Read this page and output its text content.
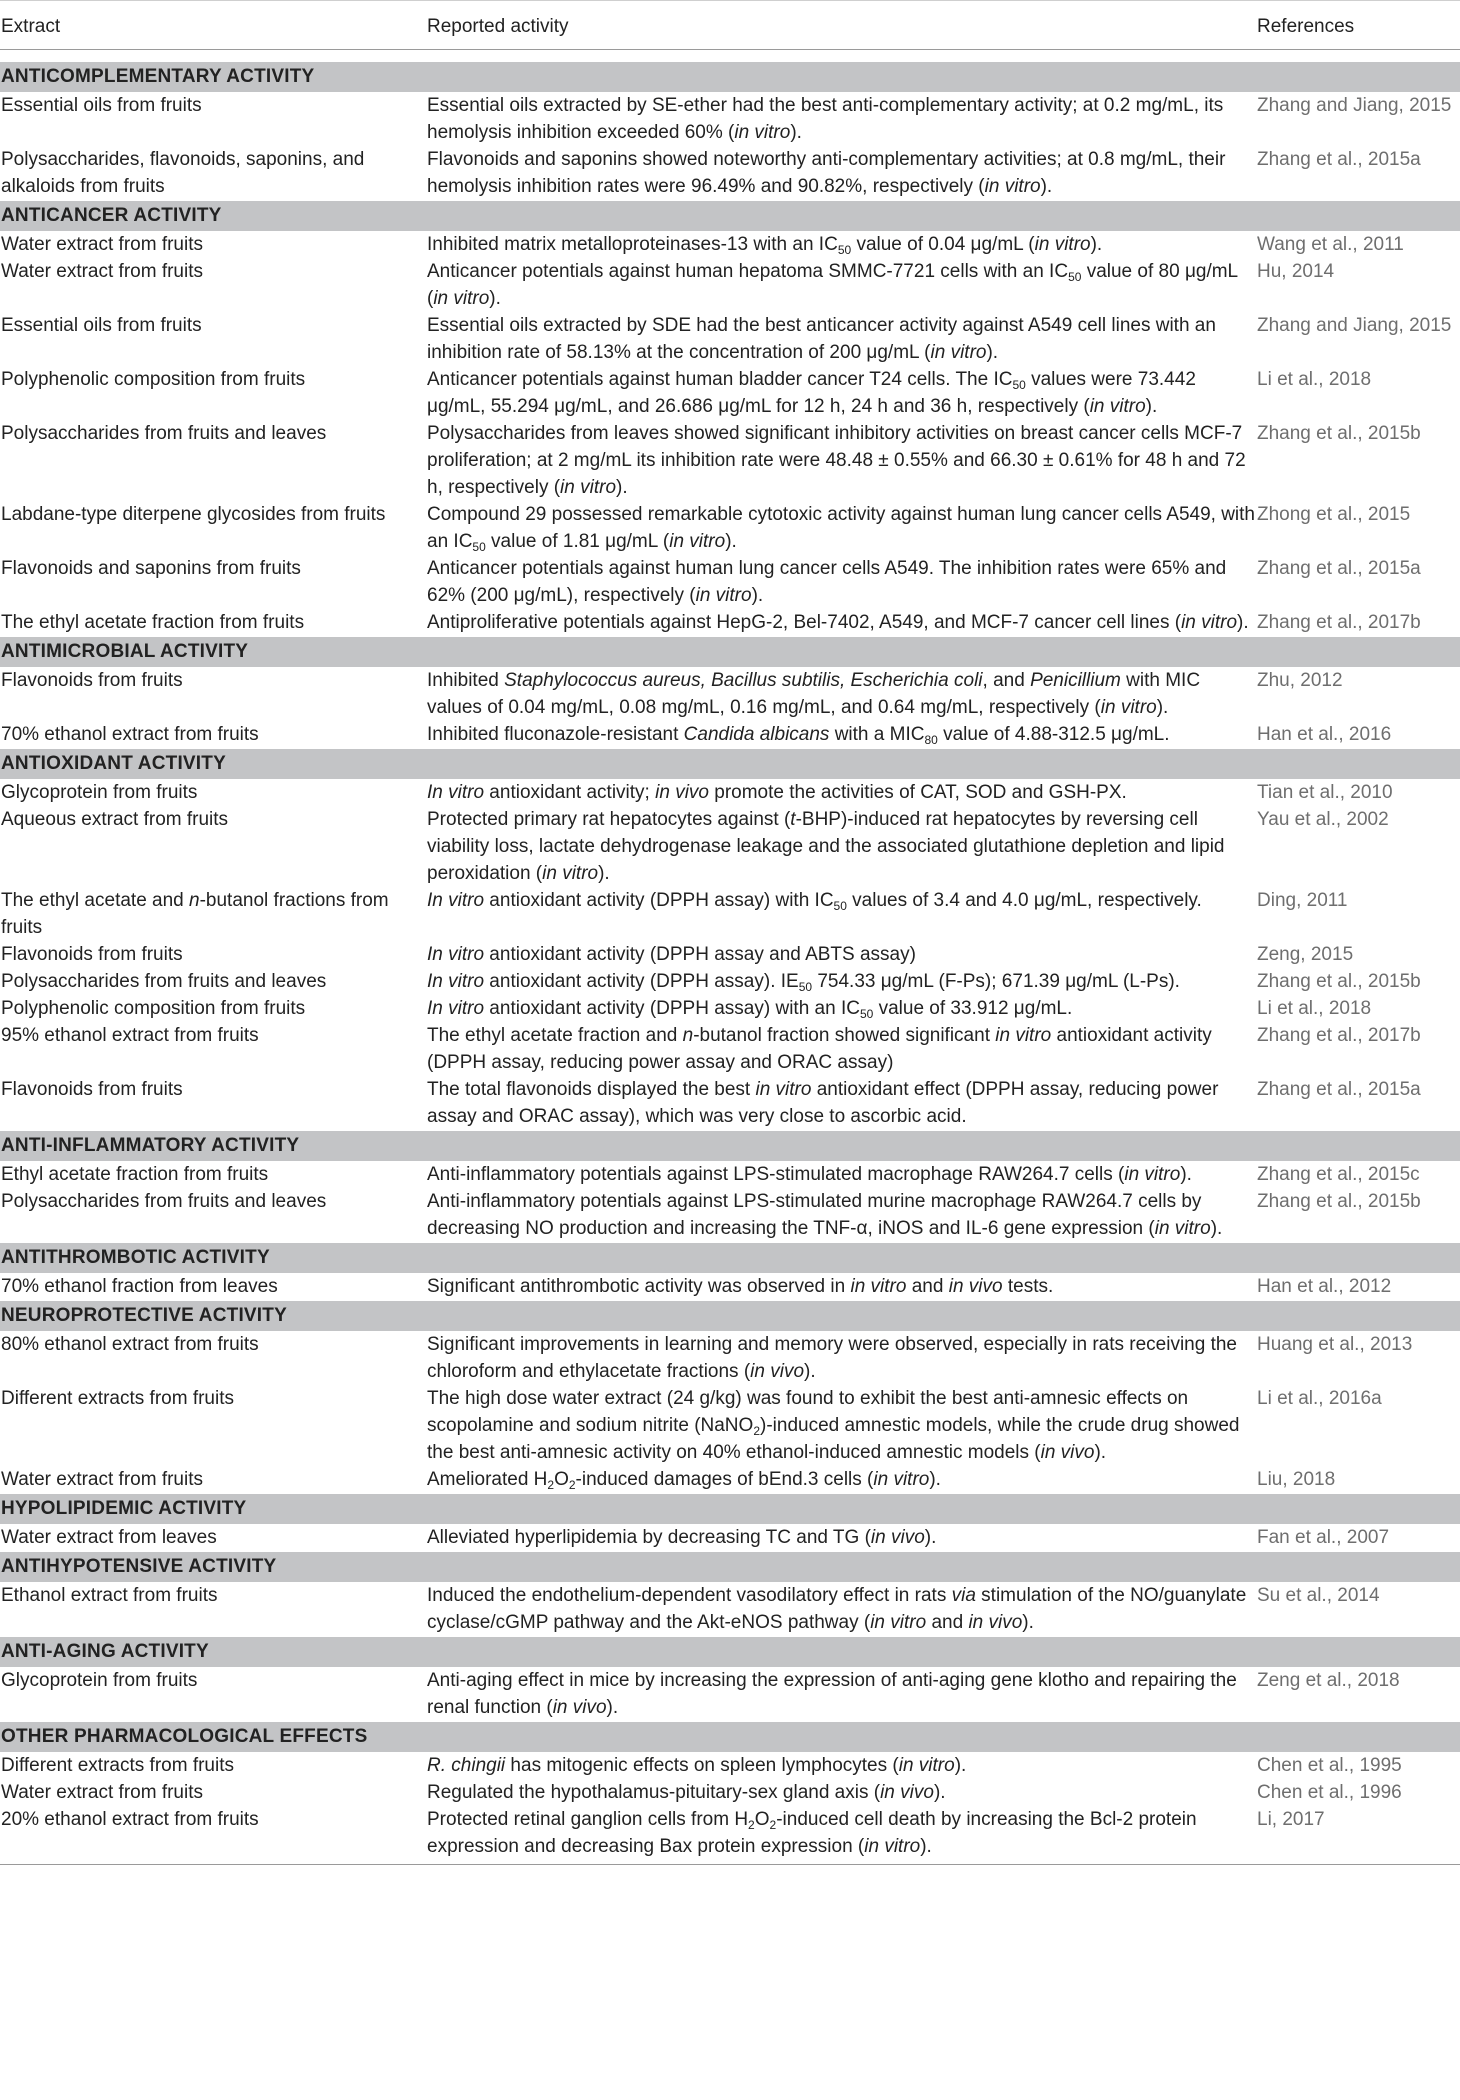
Extract	Reported activity	References

ANTICOMPLEMENTARY ACTIVITY		
Essential oils from fruits	Essential oils extracted by SE-ether had the best anti-complementary activity; at 0.2 mg/mL, its hemolysis inhibition exceeded 60% (in vitro).	Zhang and Jiang, 2015
Polysaccharides, flavonoids, saponins, and alkaloids from fruits	Flavonoids and saponins showed noteworthy anti-complementary activities; at 0.8 mg/mL, their hemolysis inhibition rates were 96.49% and 90.82%, respectively (in vitro).	Zhang et al., 2015a
ANTICANCER ACTIVITY		
Water extract from fruits	Inhibited matrix metalloproteinases-13 with an $IC_{50}$ value of 0.04 μg/mL (in vitro).	Wang et al., 2011
Water extract from fruits	Anticancer potentials against human hepatoma SMMC-7721 cells with an $IC_{50}$ value of 80 μg/mL (in vitro).	Hu, 2014
Essential oils from fruits	Essential oils extracted by SDE had the best anticancer activity against A549 cell lines with an inhibition rate of 58.13% at the concentration of 200 μg/mL (in vitro).	Zhang and Jiang, 2015
Polyphenolic composition from fruits	Anticancer potentials against human bladder cancer T24 cells. The $IC_{50}$ values were 73.442 μg/mL, 55.294 μg/mL, and 26.686 μg/mL for 12 h, 24 h and 36 h, respectively (in vitro).	Li et al., 2018
Polysaccharides from fruits and leaves	Polysaccharides from leaves showed significant inhibitory activities on breast cancer cells MCF-7 proliferation; at 2 mg/mL its inhibition rate were 48.48 ± 0.55% and 66.30 ± 0.61% for 48 h and 72 h, respectively (in vitro).	Zhang et al., 2015b
Labdane-type diterpene glycosides from fruits	Compound 29 possessed remarkable cytotoxic activity against human lung cancer cells A549, with an $IC_{50}$ value of 1.81 μg/mL (in vitro).	Zhong et al., 2015
Flavonoids and saponins from fruits	Anticancer potentials against human lung cancer cells A549. The inhibition rates were 65% and 62% (200 μg/mL), respectively (in vitro).	Zhang et al., 2015a
The ethyl acetate fraction from fruits	Antiproliferative potentials against HepG-2, Bel-7402, A549, and MCF-7 cancer cell lines (in vitro).	Zhang et al., 2017b
ANTIMICROBIAL ACTIVITY		
Flavonoids from fruits	Inhibited Staphylococcus aureus, Bacillus subtilis, Escherichia coli, and Penicillium with MIC values of 0.04 mg/mL, 0.08 mg/mL, 0.16 mg/mL, and 0.64 mg/mL, respectively (in vitro).	Zhu, 2012
70% ethanol extract from fruits	Inhibited fluconazole-resistant Candida albicans with a $MIC_{80}$ value of 4.88-312.5 μg/mL.	Han et al., 2016
ANTIOXIDANT ACTIVITY		
Glycoprotein from fruits	In vitro antioxidant activity; in vivo promote the activities of CAT, SOD and GSH-PX.	Tian et al., 2010
Aqueous extract from fruits	Protected primary rat hepatocytes against (t-BHP)-induced rat hepatocytes by reversing cell viability loss, lactate dehydrogenase leakage and the associated glutathione depletion and lipid peroxidation (in vitro).	Yau et al., 2002
The ethyl acetate and n-butanol fractions from fruits	In vitro antioxidant activity (DPPH assay) with $IC_{50}$ values of 3.4 and 4.0 μg/mL, respectively.	Ding, 2011
Flavonoids from fruits	In vitro antioxidant activity (DPPH assay and ABTS assay)	Zeng, 2015
Polysaccharides from fruits and leaves	In vitro antioxidant activity (DPPH assay). $IE_{50}$ 754.33 μg/mL (F-Ps); 671.39 μg/mL (L-Ps).	Zhang et al., 2015b
Polyphenolic composition from fruits	In vitro antioxidant activity (DPPH assay) with an $IC_{50}$ value of 33.912 μg/mL.	Li et al., 2018
95% ethanol extract from fruits	The ethyl acetate fraction and n-butanol fraction showed significant in vitro antioxidant activity (DPPH assay, reducing power assay and ORAC assay)	Zhang et al., 2017b
Flavonoids from fruits	The total flavonoids displayed the best in vitro antioxidant effect (DPPH assay, reducing power assay and ORAC assay), which was very close to ascorbic acid.	Zhang et al., 2015a
ANTI-INFLAMMATORY ACTIVITY		
Ethyl acetate fraction from fruits	Anti-inflammatory potentials against LPS-stimulated macrophage RAW264.7 cells (in vitro).	Zhang et al., 2015c
Polysaccharides from fruits and leaves	Anti-inflammatory potentials against LPS-stimulated murine macrophage RAW264.7 cells by decreasing NO production and increasing the TNF-α, iNOS and IL-6 gene expression (in vitro).	Zhang et al., 2015b
ANTITHROMBOTIC ACTIVITY		
70% ethanol fraction from leaves	Significant antithrombotic activity was observed in in vitro and in vivo tests.	Han et al., 2012
NEUROPROTECTIVE ACTIVITY		
80% ethanol extract from fruits	Significant improvements in learning and memory were observed, especially in rats receiving the chloroform and ethylacetate fractions (in vivo).	Huang et al., 2013
Different extracts from fruits	The high dose water extract (24 g/kg) was found to exhibit the best anti-amnesic effects on scopolamine and sodium nitrite (NaNO$_2$)-induced amnestic models, while the crude drug showed the best anti-amnesic activity on 40% ethanol-induced amnestic models (in vivo).	Li et al., 2016a
Water extract from fruits	Ameliorated $H_2O_2$-induced damages of bEnd.3 cells (in vitro).	Liu, 2018
HYPOLIPIDEMIC ACTIVITY		
Water extract from leaves	Alleviated hyperlipidemia by decreasing TC and TG (in vivo).	Fan et al., 2007
ANTIHYPOTENSIVE ACTIVITY		
Ethanol extract from fruits	Induced the endothelium-dependent vasodilatory effect in rats via stimulation of the NO/guanylate cyclase/cGMP pathway and the Akt-eNOS pathway (in vitro and in vivo).	Su et al., 2014
ANTI-AGING ACTIVITY		
Glycoprotein from fruits	Anti-aging effect in mice by increasing the expression of anti-aging gene klotho and repairing the renal function (in vivo).	Zeng et al., 2018
OTHER PHARMACOLOGICAL EFFECTS		
Different extracts from fruits	R. chingii has mitogenic effects on spleen lymphocytes (in vitro).	Chen et al., 1995
Water extract from fruits	Regulated the hypothalamus-pituitary-sex gland axis (in vivo).	Chen et al., 1996
20% ethanol extract from fruits	Protected retinal ganglion cells from $H_2O_2$-induced cell death by increasing the Bcl-2 protein expression and decreasing Bax protein expression (in vitro).	Li, 2017
